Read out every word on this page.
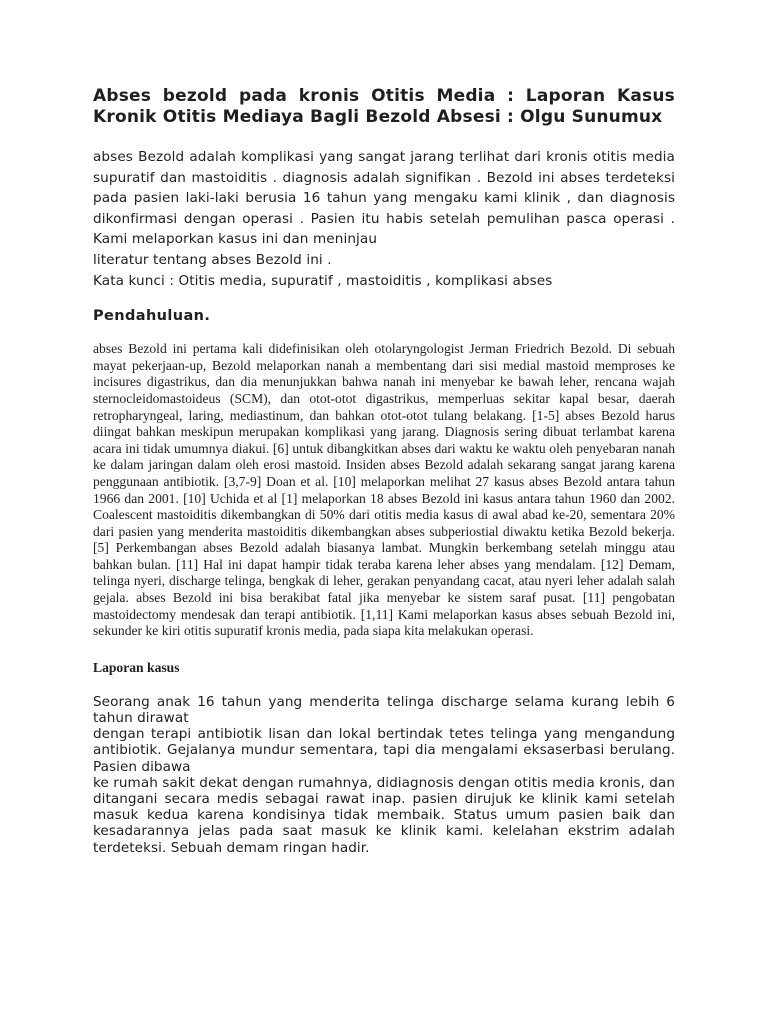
Abses bezold pada kronis Otitis Media : Laporan Kasus Kronik Otitis Mediaya Bagli Bezold Absesi : Olgu Sunumux

abses Bezold adalah komplikasi yang sangat jarang terlihat dari kronis otitis media supuratif dan mastoiditis . diagnosis adalah signifikan . Bezold ini abses terdeteksi pada pasien laki-laki berusia 16 tahun yang mengaku kami klinik , dan diagnosis dikonfirmasi dengan operasi . Pasien itu habis setelah pemulihan pasca operasi . Kami melaporkan kasus ini dan meninjau

literatur tentang abses Bezold ini .

Kata kunci : Otitis media, supuratif , mastoiditis , komplikasi abses

Pendahuluan.

abses Bezold ini pertama kali didefinisikan oleh otolaryngologist Jerman Friedrich Bezold. Di sebuah mayat pekerjaan-up, Bezold melaporkan nanah a membentang dari sisi medial mastoid memproses ke incisures digastrikus, dan dia menunjukkan bahwa nanah ini menyebar ke bawah leher, rencana wajah sternocleidomastoideus (SCM), dan otot-otot digastrikus, memperluas sekitar kapal besar, daerah retropharyngeal, laring, mediastinum, dan bahkan otot-otot tulang belakang. [1-5] abses Bezold harus diingat bahkan meskipun merupakan komplikasi yang jarang. Diagnosis sering dibuat terlambat karena acara ini tidak umumnya diakui. [6] untuk dibangkitkan abses dari waktu ke waktu oleh penyebaran nanah ke dalam jaringan dalam oleh erosi mastoid. Insiden abses Bezold adalah sekarang sangat jarang karena penggunaan antibiotik. [3,7-9] Doan et al. [10] melaporkan melihat 27 kasus abses Bezold antara tahun 1966 dan 2001. [10] Uchida et al [1] melaporkan 18 abses Bezold ini kasus antara tahun 1960 dan 2002. Coalescent mastoiditis dikembangkan di 50% dari otitis media kasus di awal abad ke-20, sementara 20% dari pasien yang menderita mastoiditis dikembangkan abses subperiostial diwaktu ketika Bezold bekerja. [5] Perkembangan abses Bezold adalah biasanya lambat. Mungkin berkembang setelah minggu atau bahkan bulan. [11] Hal ini dapat hampir tidak teraba karena leher abses yang mendalam. [12] Demam, telinga nyeri, discharge telinga, bengkak di leher, gerakan penyandang cacat, atau nyeri leher adalah salah gejala. abses Bezold ini bisa berakibat fatal jika menyebar ke sistem saraf pusat. [11] pengobatan mastoidectomy mendesak dan terapi antibiotik. [1,11] Kami melaporkan kasus abses sebuah Bezold ini, sekunder ke kiri otitis supuratif kronis media, pada siapa kita melakukan operasi.

Laporan kasus

Seorang anak 16 tahun yang menderita telinga discharge selama kurang lebih 6 tahun dirawat

dengan terapi antibiotik lisan dan lokal bertindak tetes telinga yang mengandung antibiotik. Gejalanya mundur sementara, tapi dia mengalami eksaserbasi berulang. Pasien dibawa

ke rumah sakit dekat dengan rumahnya, didiagnosis dengan otitis media kronis, dan ditangani secara medis sebagai rawat inap. pasien dirujuk ke klinik kami setelah masuk kedua karena kondisinya tidak membaik. Status umum pasien baik dan kesadarannya jelas pada saat masuk ke klinik kami. kelelahan ekstrim adalah terdeteksi. Sebuah demam ringan hadir.
